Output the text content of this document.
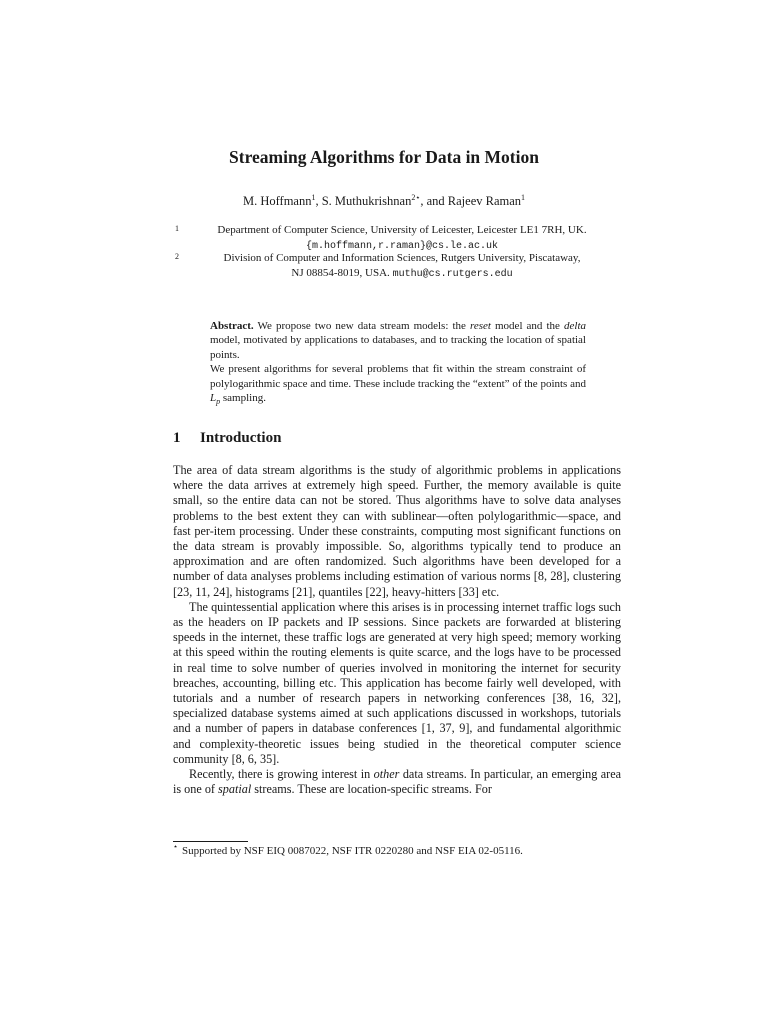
Streaming Algorithms for Data in Motion

M. Hoffmann$^1$, S. Muthukrishnan$^{2⋆}$, and Rajeev Raman$^1$

1	Department of Computer Science, University of Leicester, Leicester LE1 7RH, UK.
{m.hoffmann,r.raman}@cs.le.ac.uk
2	Division of Computer and Information Sciences, Rutgers University, Piscataway,
NJ 08854-8019, USA. muthu@cs.rutgers.edu

Abstract. We propose two new data stream models: the reset model and the delta model, motivated by applications to databases, and to tracking the location of spatial points.

We present algorithms for several problems that fit within the stream constraint of polylogarithmic space and time. These include tracking the “extent” of the points and $L_p$ sampling.

1 Introduction

The area of data stream algorithms is the study of algorithmic problems in applications where the data arrives at extremely high speed. Further, the memory available is quite small, so the entire data can not be stored. Thus algorithms have to solve data analyses problems to the best extent they can with sublinear—often polylogarithmic—space, and fast per-item processing. Under these constraints, computing most significant functions on the data stream is provably impossible. So, algorithms typically tend to produce an approximation and are often randomized. Such algorithms have been developed for a number of data analyses problems including estimation of various norms [8, 28], clustering [23, 11, 24], histograms [21], quantiles [22], heavy-hitters [33] etc.

The quintessential application where this arises is in processing internet traffic logs such as the headers on IP packets and IP sessions. Since packets are forwarded at blistering speeds in the internet, these traffic logs are generated at very high speed; memory working at this speed within the routing elements is quite scarce, and the logs have to be processed in real time to solve number of queries involved in monitoring the internet for security breaches, accounting, billing etc. This application has become fairly well developed, with tutorials and a number of research papers in networking conferences [38, 16, 32], specialized database systems aimed at such applications discussed in workshops, tutorials and a number of papers in database conferences [1, 37, 9], and fundamental algorithmic and complexity-theoretic issues being studied in the theoretical computer science community [8, 6, 35].

Recently, there is growing interest in other data streams. In particular, an emerging area is one of spatial streams. These are location-specific streams. For

⋆ Supported by NSF EIQ 0087022, NSF ITR 0220280 and NSF EIA 02-05116.
